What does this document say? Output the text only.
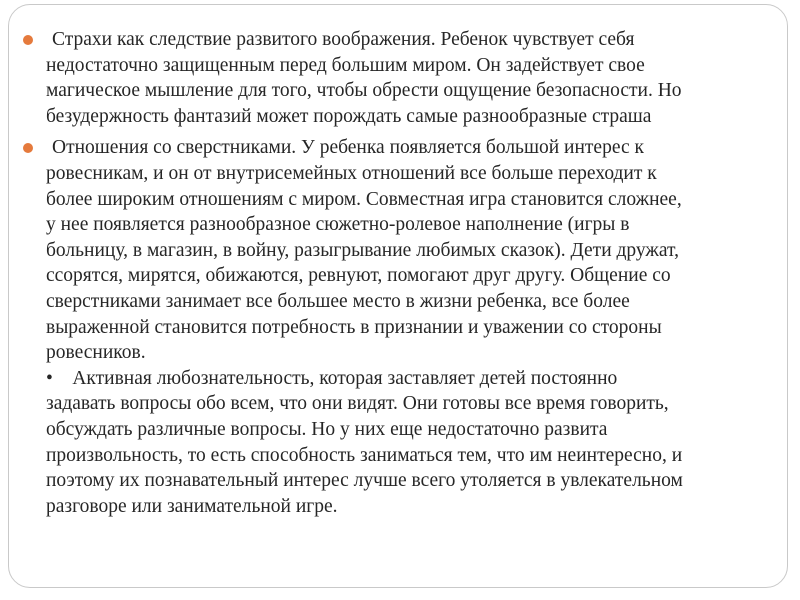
Страхи как следствие развитого воображения. Ребенок чувствует себя
недостаточно защищенным перед большим миром. Он задействует свое
магическое мышление для того, чтобы обрести ощущение безопасности. Но
безудержность фантазий может порождать самые разнообразные страша
Отношения со сверстниками. У ребенка появляется большой интерес к
ровесникам, и он от внутрисемейных отношений все больше переходит к
более широким отношениям с миром. Совместная игра становится сложнее,
у нее появляется разнообразное сюжетно-ролевое наполнение (игры в
больницу, в магазин, в войну, разыгрывание любимых сказок). Дети дружат,
ссорятся, мирятся, обижаются, ревнуют, помогают друг другу. Общение со
сверстниками занимает все большее место в жизни ребенка, все более
выраженной становится потребность в признании и уважении со стороны
ровесников.
•    Активная любознательность, которая заставляет детей постоянно
задавать вопросы обо всем, что они видят. Они готовы все время говорить,
обсуждать различные вопросы. Но у них еще недостаточно развита
произвольность, то есть способность заниматься тем, что им неинтересно, и
поэтому их познавательный интерес лучше всего утоляется в увлекательном
разговоре или занимательной игре.
